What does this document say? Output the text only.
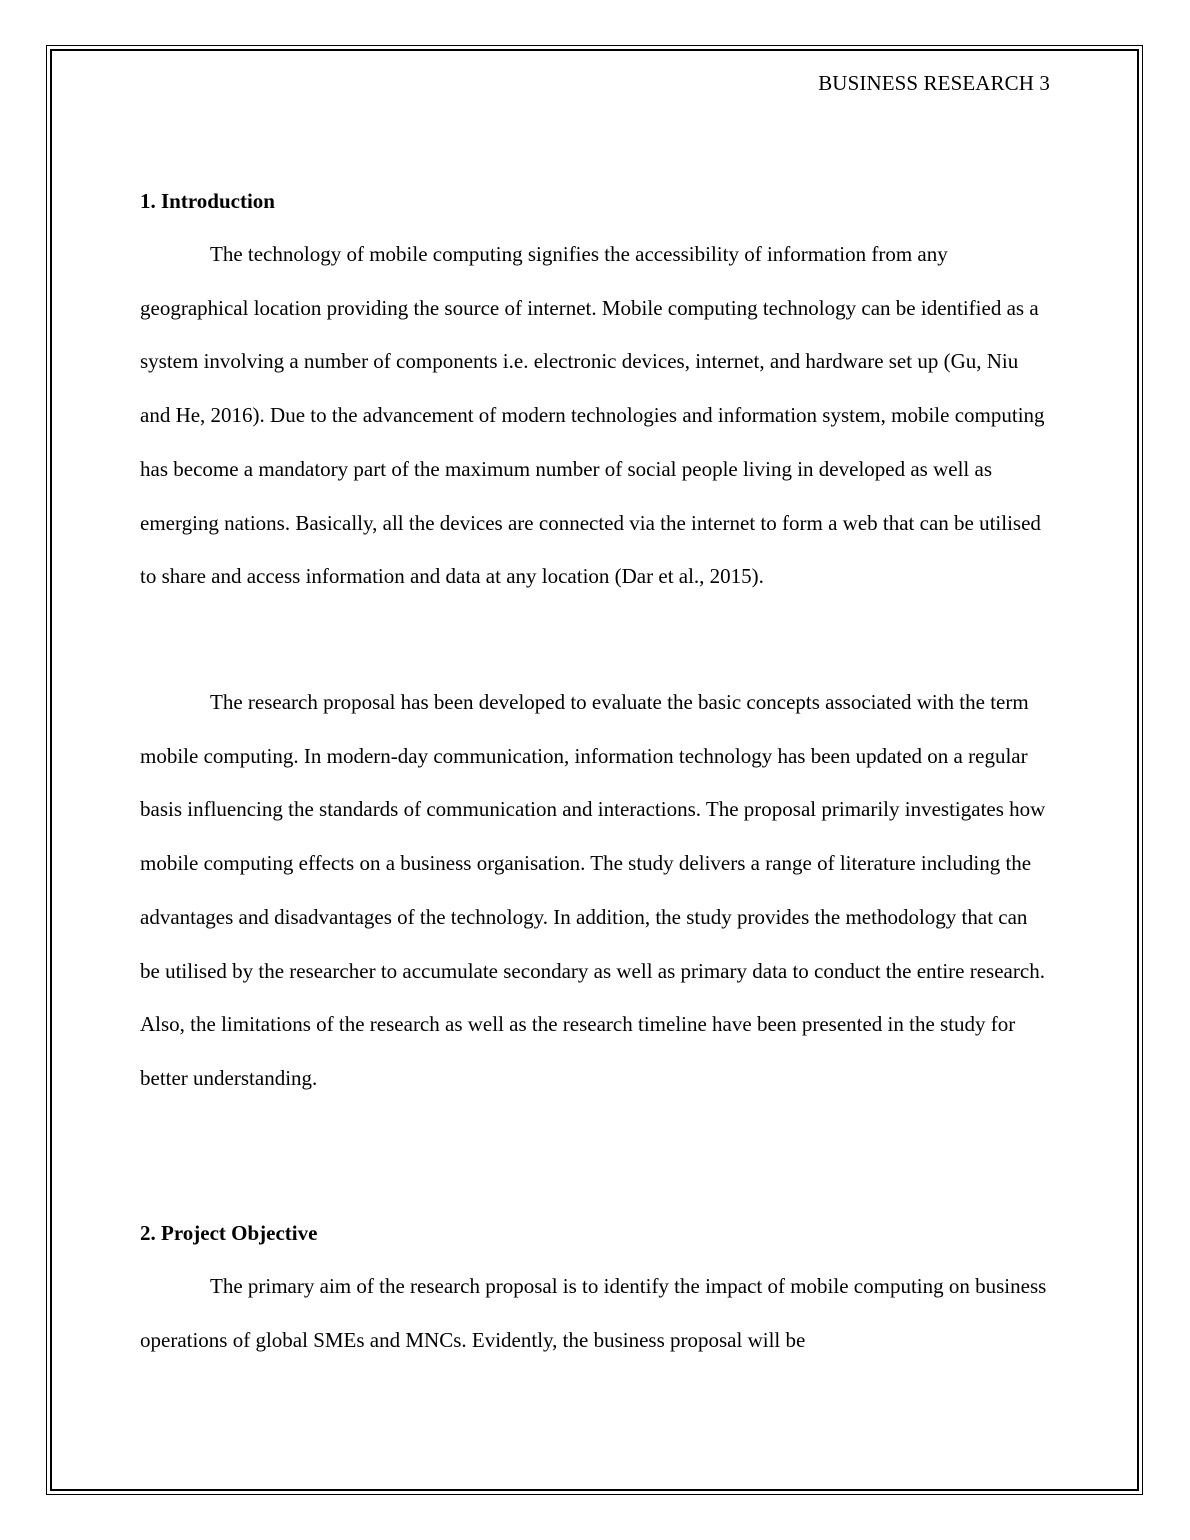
BUSINESS RESEARCH 3
1. Introduction

The technology of mobile computing signifies the accessibility of information from any geographical location providing the source of internet. Mobile computing technology can be identified as a system involving a number of components i.e. electronic devices, internet, and hardware set up (Gu, Niu and He, 2016). Due to the advancement of modern technologies and information system, mobile computing has become a mandatory part of the maximum number of social people living in developed as well as emerging nations. Basically, all the devices are connected via the internet to form a web that can be utilised to share and access information and data at any location (Dar et al., 2015).

The research proposal has been developed to evaluate the basic concepts associated with the term mobile computing. In modern-day communication, information technology has been updated on a regular basis influencing the standards of communication and interactions. The proposal primarily investigates how mobile computing effects on a business organisation. The study delivers a range of literature including the advantages and disadvantages of the technology. In addition, the study provides the methodology that can be utilised by the researcher to accumulate secondary as well as primary data to conduct the entire research. Also, the limitations of the research as well as the research timeline have been presented in the study for better understanding.

2. Project Objective

The primary aim of the research proposal is to identify the impact of mobile computing on business operations of global SMEs and MNCs. Evidently, the business proposal will be
